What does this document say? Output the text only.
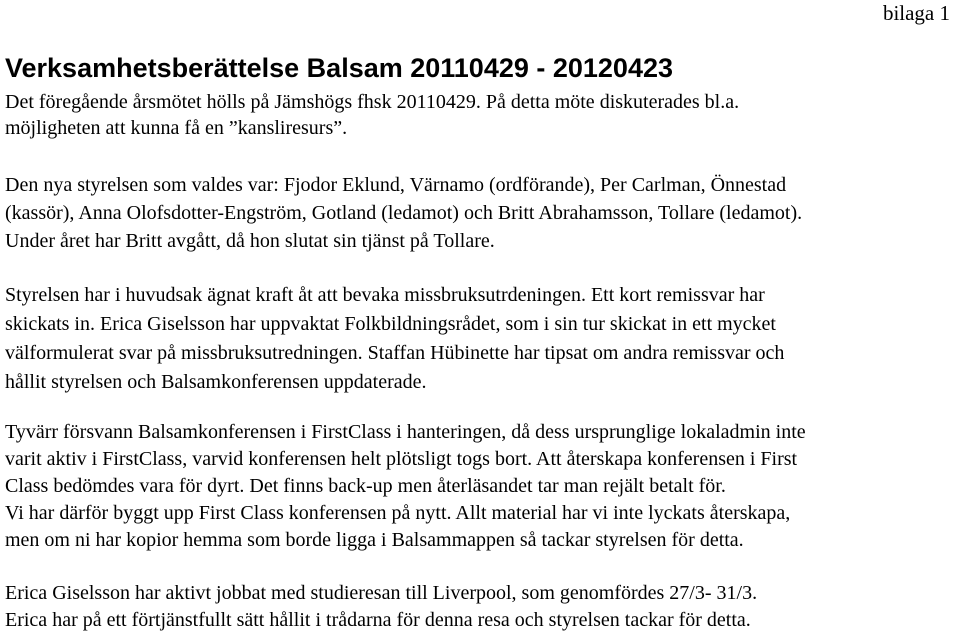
bilaga 1
Verksamhetsberättelse Balsam 20110429 - 20120423

Det föregående årsmötet hölls på Jämshögs fhsk 20110429. På detta möte diskuterades bl.a.
möjligheten att kunna få en ”kansliresurs”.

Den nya styrelsen som valdes var: Fjodor Eklund, Värnamo (ordförande), Per Carlman, Önnestad
(kassör), Anna Olofsdotter-Engström, Gotland (ledamot) och Britt Abrahamsson, Tollare (ledamot).
Under året har Britt avgått, då hon slutat sin tjänst på Tollare.

Styrelsen har i huvudsak ägnat kraft åt att bevaka missbruksutrdeningen. Ett kort remissvar har
skickats in. Erica Giselsson har uppvaktat Folkbildningsrådet, som i sin tur skickat in ett mycket
välformulerat svar på missbruksutredningen. Staffan Hübinette har tipsat om andra remissvar och
hållit styrelsen och Balsamkonferensen uppdaterade.

Tyvärr försvann Balsamkonferensen i FirstClass i hanteringen, då dess ursprunglige lokaladmin inte
varit aktiv i FirstClass, varvid konferensen helt plötsligt togs bort. Att återskapa konferensen i First
Class bedömdes vara för dyrt. Det finns back-up men återläsandet tar man rejält betalt för.
Vi har därför byggt upp First Class konferensen på nytt. Allt material har vi inte lyckats återskapa,
men om ni har kopior hemma som borde ligga i Balsammappen så tackar styrelsen för detta.

Erica Giselsson har aktivt jobbat med studieresan till Liverpool, som genomfördes 27/3- 31/3.
Erica har på ett förtjänstfullt sätt hållit i trådarna för denna resa och styrelsen tackar för detta.
